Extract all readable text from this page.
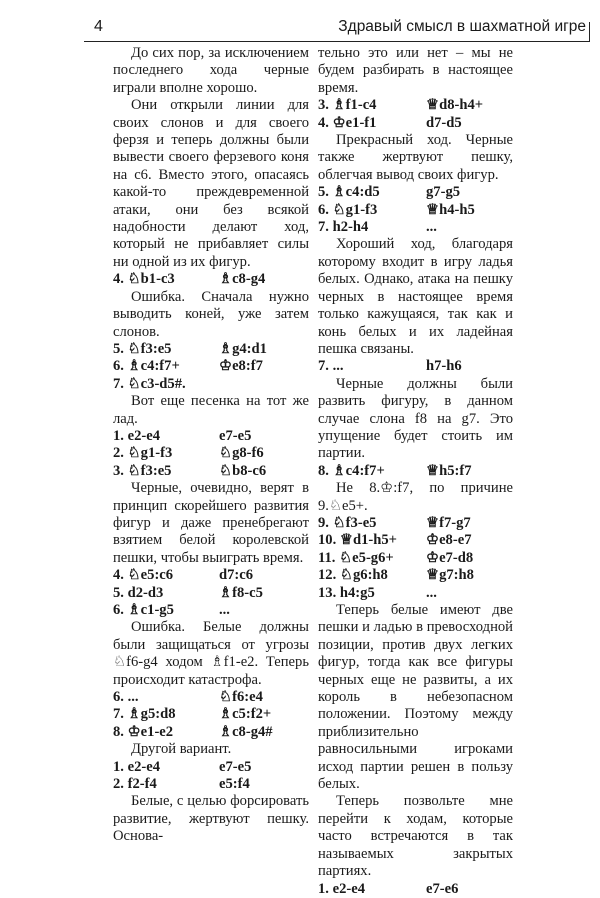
4	Здравый смысл в шахматной игре

До сих пор, за исключением последнего хода черные играли вполне хорошо.

Они открыли линии для своих слонов и для своего ферзя и теперь должны были вывести своего ферзевого коня на c6. Вместо этого, опасаясь какой-то преждевременной атаки, они без всякой надобности делают ход, который не прибавляет силы ни одной из их фигур.

4. ♘b1-c3	♗c8-g4

Ошибка. Сначала нужно выводить коней, уже затем слонов.

5. ♘f3:e5	♗g4:d1
6. ♗c4:f7+	♔e8:f7
7. ♘c3-d5#.

Вот еще песенка на тот же лад.

1. e2-e4	e7-e5
2. ♘g1-f3	♘g8-f6
3. ♘f3:e5	♘b8-c6

Черные, очевидно, верят в принцип скорейшего развития фигур и даже пренебрегают взятием белой королевской пешки, чтобы выиграть время.

4. ♘e5:c6	d7:c6
5. d2-d3	♗f8-c5
6. ♗c1-g5	...

Ошибка. Белые должны были защищаться от угрозы ♘f6-g4 ходом ♗f1-e2. Теперь происходит катастрофа.

6. ...	♘f6:e4
7. ♗g5:d8	♗c5:f2+
8. ♔e1-e2	♗c8-g4#

Другой вариант.

1. e2-e4	e7-e5
2. f2-f4	e5:f4

Белые, с целью форсировать развитие, жертвуют пешку. Основа-

тельно это или нет – мы не будем разбирать в настоящее время.

3. ♗f1-c4	♕d8-h4+
4. ♔e1-f1	d7-d5

Прекрасный ход. Черные также жертвуют пешку, облегчая вывод своих фигур.

5. ♗c4:d5	g7-g5
6. ♘g1-f3	♕h4-h5
7. h2-h4	...

Хороший ход, благодаря которому входит в игру ладья белых. Однако, атака на пешку черных в настоящее время только кажущаяся, так как и конь белых и их ладейная пешка связаны.

7. ...	h7-h6

Черные должны были развить фигуру, в данном случае слона f8 на g7. Это упущение будет стоить им партии.

8. ♗c4:f7+	♕h5:f7

Не 8.♔:f7, по причине 9.♘e5+.

9. ♘f3-e5	♕f7-g7
10. ♕d1-h5+	♔e8-e7
11. ♘e5-g6+	♔e7-d8
12. ♘g6:h8	♕g7:h8
13. h4:g5	...

Теперь белые имеют две пешки и ладью в превосходной позиции, против двух легких фигур, тогда как все фигуры черных еще не развиты, а их король в небезопасном положении. Поэтому между приблизительно равносильными игроками исход партии решен в пользу белых.

Теперь позвольте мне перейти к ходам, которые часто встречаются в так называемых закрытых партиях.

1. e2-e4	e7-e6
